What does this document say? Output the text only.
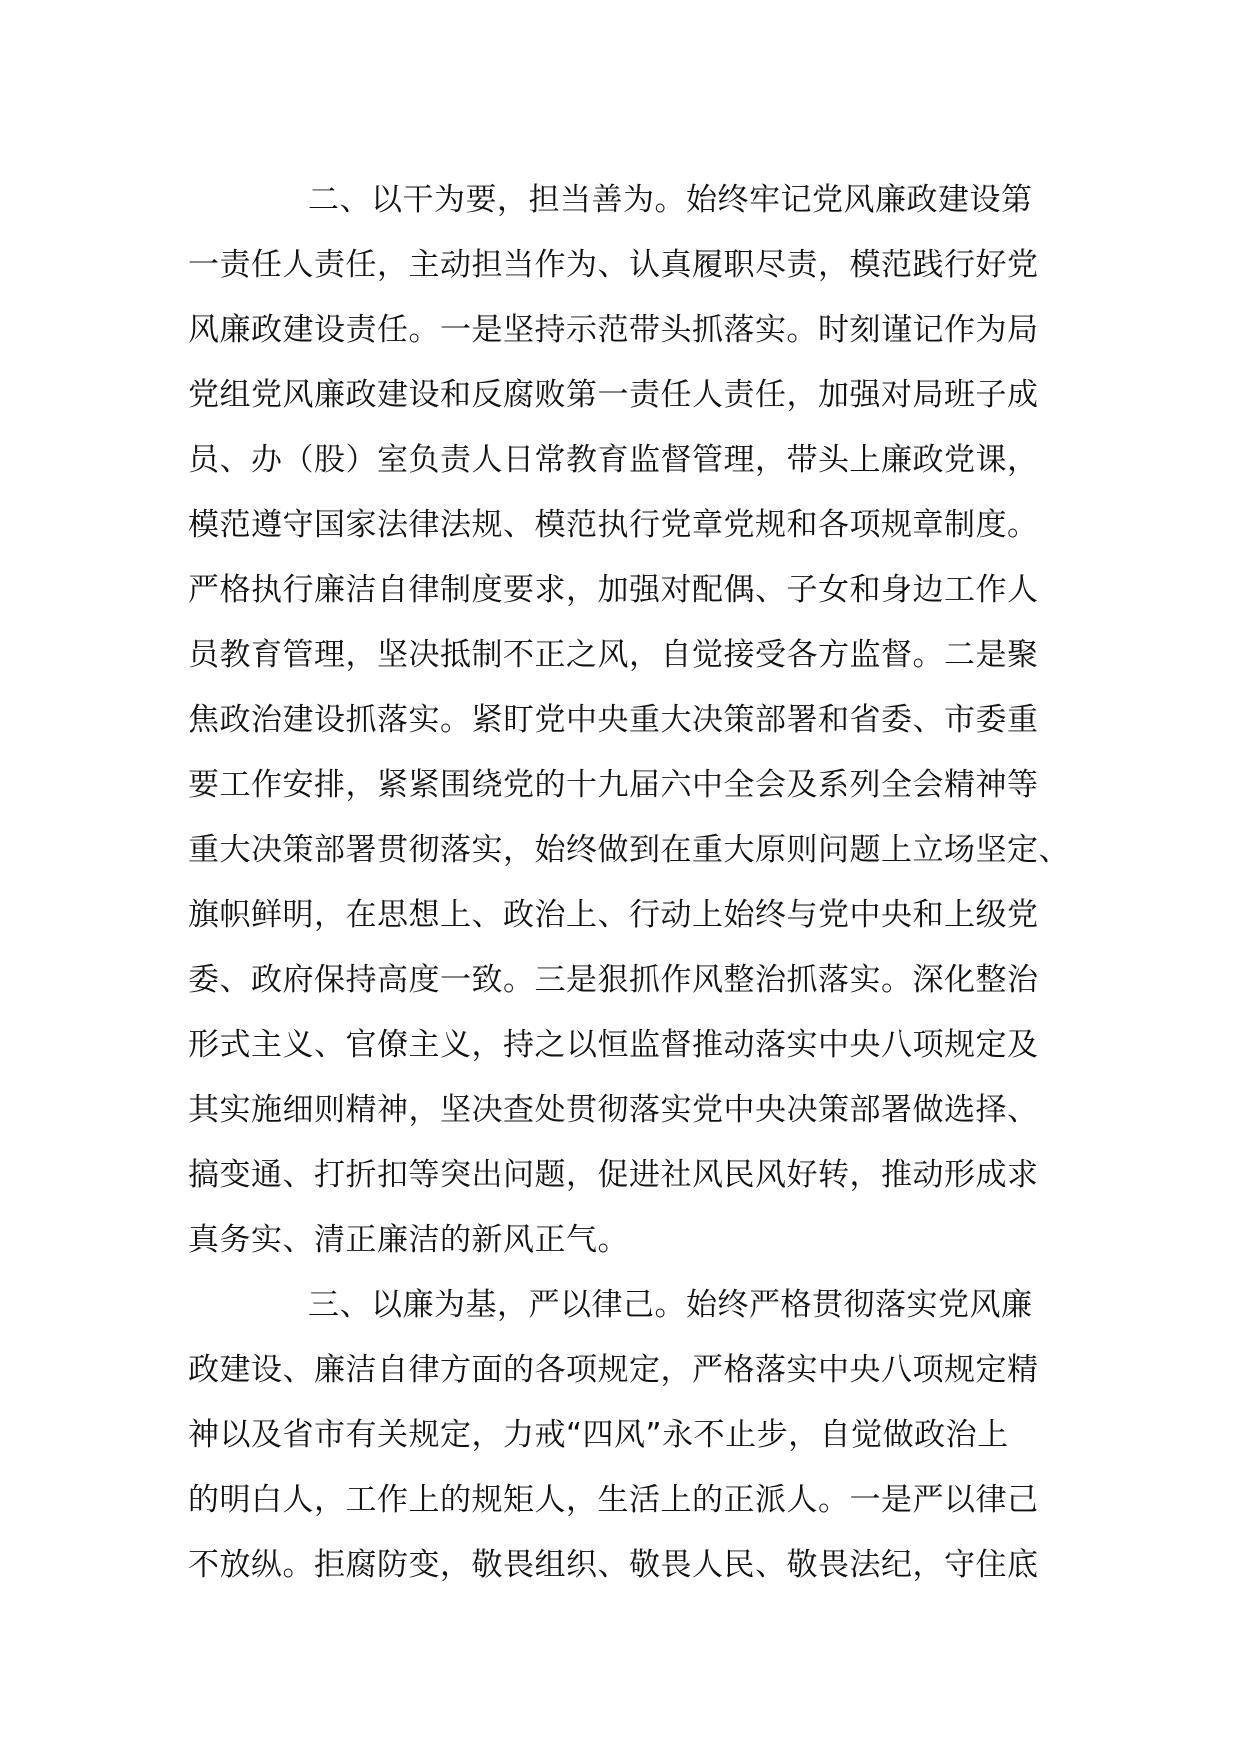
二、以干为要，担当善为。始终牢记党风廉政建设第
一责任人责任，主动担当作为、认真履职尽责，模范践行好党
风廉政建设责任。一是坚持示范带头抓落实。时刻谨记作为局
党组党风廉政建设和反腐败第一责任人责任，加强对局班子成
员、办（股）室负责人日常教育监督管理，带头上廉政党课，
模范遵守国家法律法规、模范执行党章党规和各项规章制度。
严格执行廉洁自律制度要求，加强对配偶、子女和身边工作人
员教育管理，坚决抵制不正之风，自觉接受各方监督。二是聚
焦政治建设抓落实。紧盯党中央重大决策部署和省委、市委重
要工作安排，紧紧围绕党的十九届六中全会及系列全会精神等
重大决策部署贯彻落实，始终做到在重大原则问题上立场坚定、
旗帜鲜明，在思想上、政治上、行动上始终与党中央和上级党
委、政府保持高度一致。三是狠抓作风整治抓落实。深化整治
形式主义、官僚主义，持之以恒监督推动落实中央八项规定及
其实施细则精神，坚决查处贯彻落实党中央决策部署做选择、
搞变通、打折扣等突出问题，促进社风民风好转，推动形成求
真务实、清正廉洁的新风正气。
三、以廉为基，严以律己。始终严格贯彻落实党风廉
政建设、廉洁自律方面的各项规定，严格落实中央八项规定精
神以及省市有关规定，力戒“四风”永不止步，自觉做政治上
的明白人，工作上的规矩人，生活上的正派人。一是严以律己
不放纵。拒腐防变，敬畏组织、敬畏人民、敬畏法纪，守住底
